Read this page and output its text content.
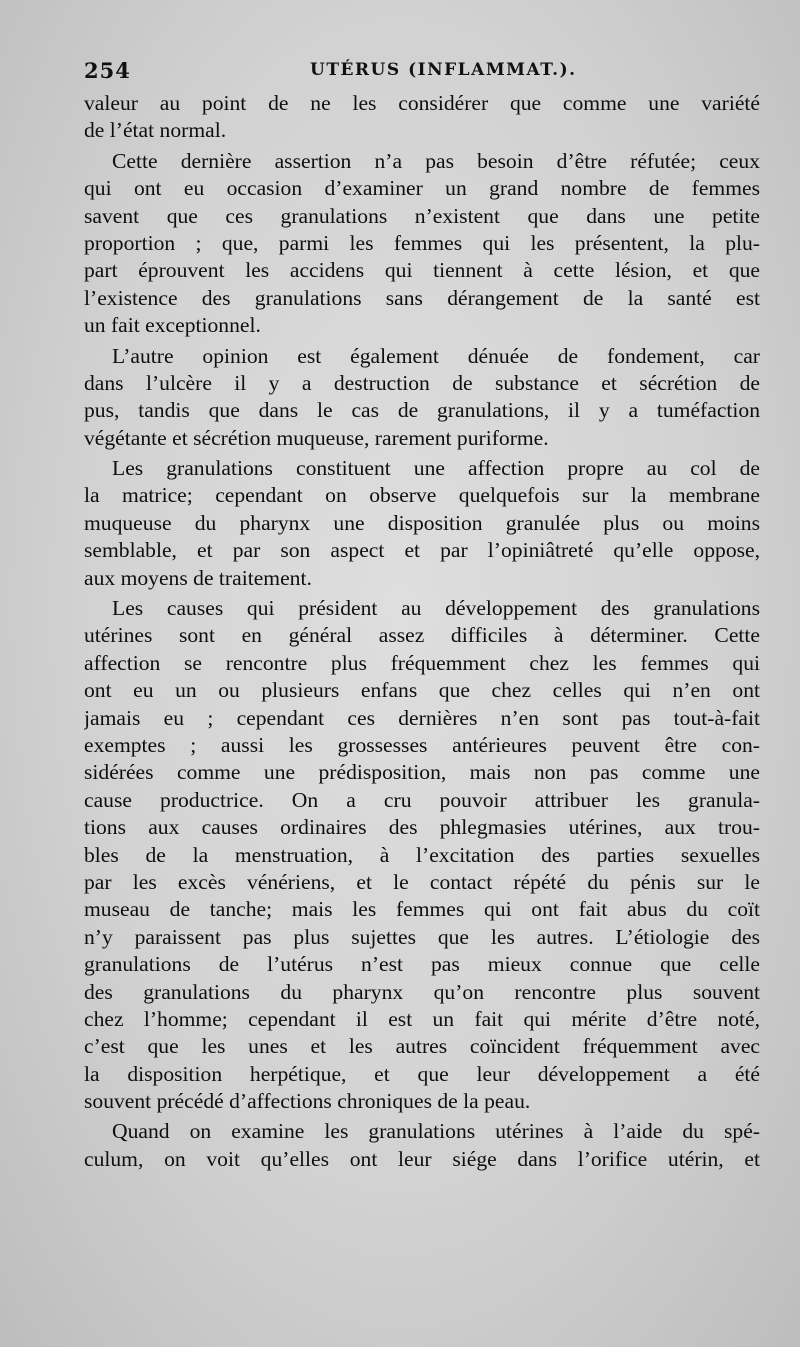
254	UTÉRUS (INFLAMMAT.).
valeur au point de ne les considérer que comme une variété
de l’état normal.
Cette dernière assertion n’a pas besoin d’être réfutée; ceux
qui ont eu occasion d’examiner un grand nombre de femmes
savent que ces granulations n’existent que dans une petite
proportion ; que, parmi les femmes qui les présentent, la plu-
part éprouvent les accidens qui tiennent à cette lésion, et que
l’existence des granulations sans dérangement de la santé est
un fait exceptionnel.
L’autre opinion est également dénuée de fondement, car
dans l’ulcère il y a destruction de substance et sécrétion de
pus, tandis que dans le cas de granulations, il y a tuméfaction
végétante et sécrétion muqueuse, rarement puriforme.
Les granulations constituent une affection propre au col de
la matrice; cependant on observe quelquefois sur la membrane
muqueuse du pharynx une disposition granulée plus ou moins
semblable, et par son aspect et par l’opiniâtreté qu’elle oppose,
aux moyens de traitement.
Les causes qui président au développement des granulations
utérines sont en général assez difficiles à déterminer. Cette
affection se rencontre plus fréquemment chez les femmes qui
ont eu un ou plusieurs enfans que chez celles qui n’en ont
jamais eu ; cependant ces dernières n’en sont pas tout-à-fait
exemptes ; aussi les grossesses antérieures peuvent être con-
sidérées comme une prédisposition, mais non pas comme une
cause productrice. On a cru pouvoir attribuer les granula-
tions aux causes ordinaires des phlegmasies utérines, aux trou-
bles de la menstruation, à l’excitation des parties sexuelles
par les excès vénériens, et le contact répété du pénis sur le
museau de tanche; mais les femmes qui ont fait abus du coït
n’y paraissent pas plus sujettes que les autres. L’étiologie des
granulations de l’utérus n’est pas mieux connue que celle
des granulations du pharynx qu’on rencontre plus souvent
chez l’homme; cependant il est un fait qui mérite d’être noté,
c’est que les unes et les autres coïncident fréquemment avec
la disposition herpétique, et que leur développement a été
souvent précédé d’affections chroniques de la peau.
Quand on examine les granulations utérines à l’aide du spé-
culum, on voit qu’elles ont leur siége dans l’orifice utérin, et
